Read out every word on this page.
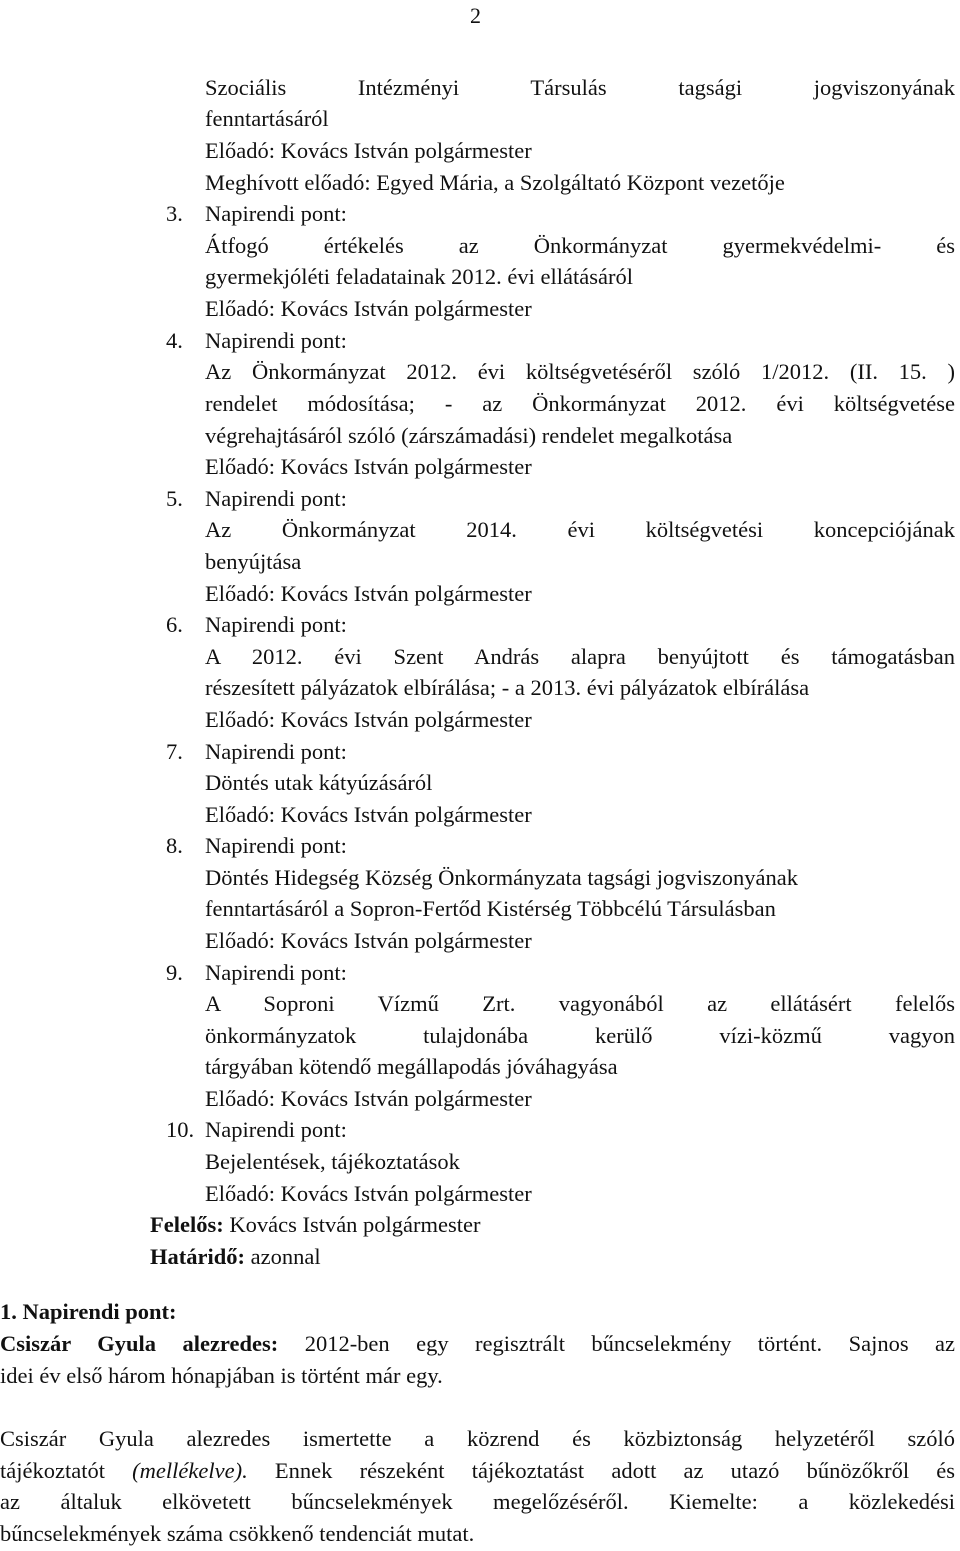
2
Szociális Intézményi Társulás tagsági jogviszonyának
fenntartásáról
Előadó: Kovács István polgármester
Meghívott előadó: Egyed Mária, a Szolgáltató Központ vezetője
3. Napirendi pont:
Átfogó értékelés az Önkormányzat gyermekvédelmi- és
gyermekjóléti feladatainak 2012. évi ellátásáról
Előadó: Kovács István polgármester
4. Napirendi pont:
Az Önkormányzat 2012. évi költségvetéséről szóló 1/2012. (II. 15. )
rendelet módosítása; - az Önkormányzat 2012. évi költségvetése
végrehajtásáról szóló (zárszámadási) rendelet megalkotása
Előadó: Kovács István polgármester
5. Napirendi pont:
Az Önkormányzat 2014. évi költségvetési koncepciójának
benyújtása
Előadó: Kovács István polgármester
6. Napirendi pont:
A 2012. évi Szent András alapra benyújtott és támogatásban
részesített pályázatok elbírálása; - a 2013. évi pályázatok elbírálása
Előadó: Kovács István polgármester
7. Napirendi pont:
Döntés utak kátyúzásáról
Előadó: Kovács István polgármester
8. Napirendi pont:
Döntés Hidegség Község Önkormányzata tagsági jogviszonyának
fenntartásáról a Sopron-Fertőd Kistérség Többcélú Társulásban
Előadó: Kovács István polgármester
9. Napirendi pont:
A Soproni Vízmű Zrt. vagyonából az ellátásért felelős
önkormányzatok tulajdonába kerülő vízi-közmű vagyon
tárgyában kötendő megállapodás jóváhagyása
Előadó: Kovács István polgármester
10. Napirendi pont:
Bejelentések, tájékoztatások
Előadó: Kovács István polgármester
Felelős: Kovács István polgármester
Határidő: azonnal
1. Napirendi pont:
Csiszár Gyula alezredes: 2012-ben egy regisztrált bűncselekmény történt. Sajnos az
idei év első három hónapjában is történt már egy.
Csiszár Gyula alezredes ismertette a közrend és közbiztonság helyzetéről szóló
tájékoztatót (mellékelve). Ennek részeként tájékoztatást adott az utazó bűnözőkről és
az általuk elkövetett bűncselekmények megelőzéséről. Kiemelte: a közlekedési
bűncselekmények száma csökkenő tendenciát mutat.
